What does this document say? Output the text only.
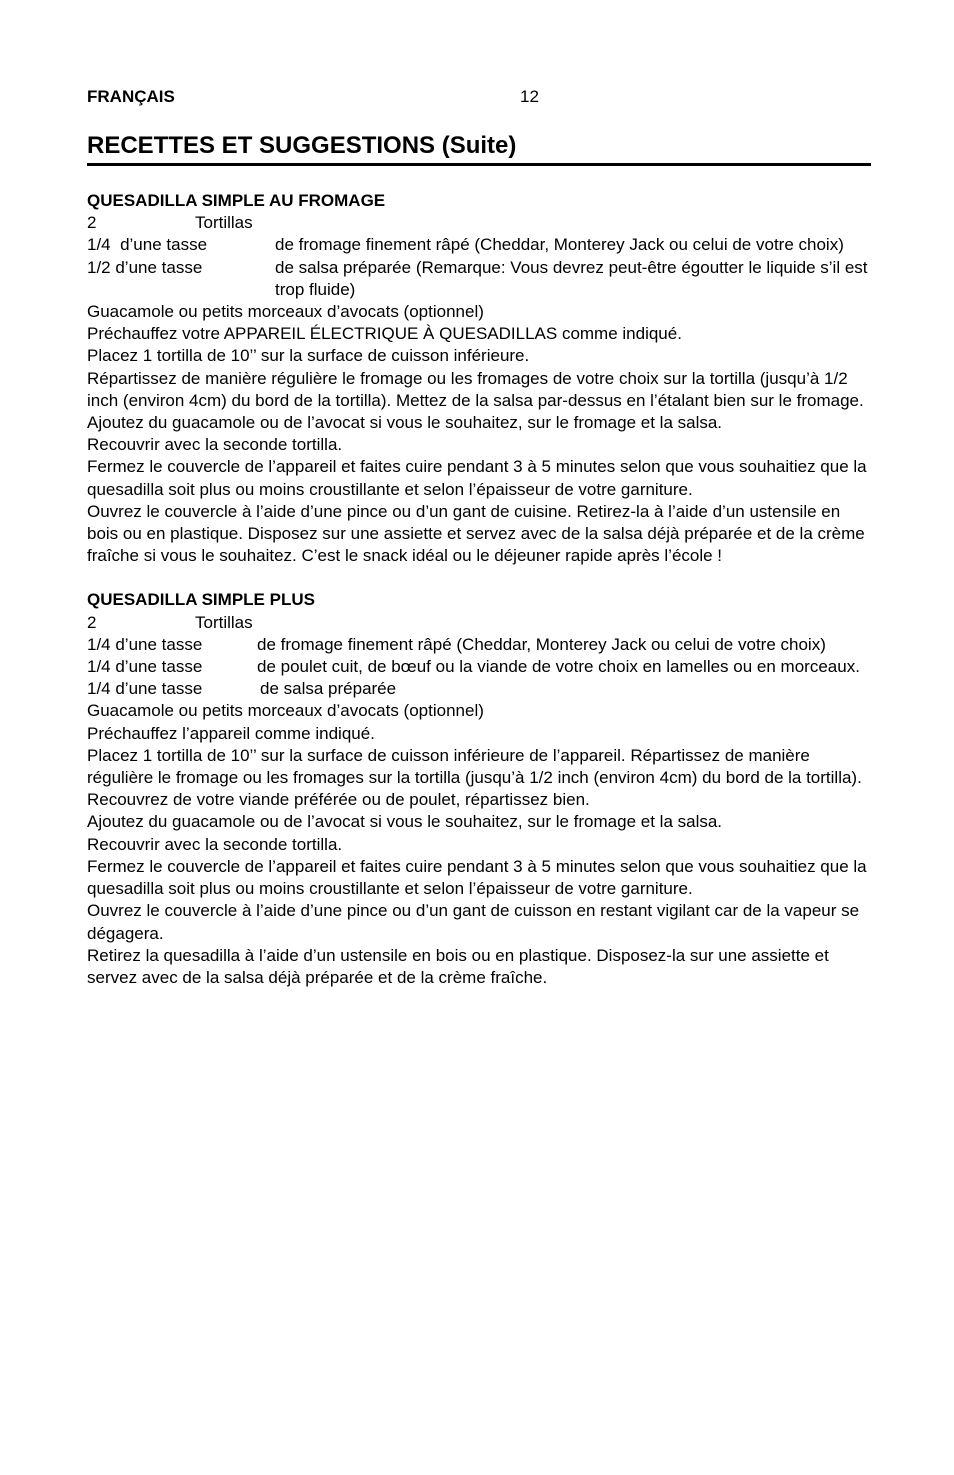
FRANÇAIS	12
RECETTES ET SUGGESTIONS (Suite)
QUESADILLA SIMPLE AU FROMAGE
2	Tortillas
1/4  d’une tasse	de fromage finement râpé (Cheddar, Monterey Jack ou celui de votre choix)
1/2 d’une tasse	de salsa préparée (Remarque: Vous devrez peut-être égoutter le liquide s’il est trop fluide)

Guacamole ou petits morceaux d’avocats (optionnel)

Préchauffez votre APPAREIL ÉLECTRIQUE À QUESADILLAS comme indiqué.

Placez 1 tortilla de 10’’ sur la surface de cuisson inférieure.

Répartissez de manière régulière le fromage ou les fromages de votre choix sur la tortilla (jusqu’à 1/2 inch (environ 4cm) du bord de la tortilla). Mettez de la salsa par-dessus en l’étalant bien sur le fromage.

Ajoutez du guacamole ou de l’avocat si vous le souhaitez, sur le fromage et la salsa.

Recouvrir avec la seconde tortilla.

Fermez le couvercle de l’appareil et faites cuire pendant 3 à 5 minutes selon que vous souhaitiez que la quesadilla soit plus ou moins croustillante et selon l’épaisseur de votre garniture.

Ouvrez le couvercle à l’aide d’une pince ou d’un gant de cuisine. Retirez-la à l’aide d’un ustensile en bois ou en plastique. Disposez sur une assiette et servez avec de la salsa déjà préparée et de la crème fraîche si vous le souhaitez. C’est le snack idéal ou le déjeuner rapide après l’école !

QUESADILLA SIMPLE PLUS
2	Tortillas
1/4 d’une tasse	de fromage finement râpé (Cheddar, Monterey Jack ou celui de votre choix)
1/4 d’une tasse	de poulet cuit, de bœuf ou la viande de votre choix en lamelles ou en morceaux.
1/4 d’une tasse	de salsa préparée

Guacamole ou petits morceaux d’avocats (optionnel)

Préchauffez l’appareil comme indiqué.

Placez 1 tortilla de 10’’ sur la surface de cuisson inférieure de l’appareil. Répartissez de manière régulière le fromage ou les fromages sur la tortilla (jusqu’à 1/2 inch (environ 4cm) du bord de la tortilla).

Recouvrez de votre viande préférée ou de poulet, répartissez bien.

Ajoutez du guacamole ou de l’avocat si vous le souhaitez, sur le fromage et la salsa.

Recouvrir avec la seconde tortilla.

Fermez le couvercle de l’appareil et faites cuire pendant 3 à 5 minutes selon que vous souhaitiez que la quesadilla soit plus ou moins croustillante et selon l’épaisseur de votre garniture.

Ouvrez le couvercle à l’aide d’une pince ou d’un gant de cuisson en restant vigilant car de la vapeur se dégagera.

Retirez la quesadilla à l’aide d’un ustensile en bois ou en plastique. Disposez-la sur une assiette et servez avec de la salsa déjà préparée et de la crème fraîche.
